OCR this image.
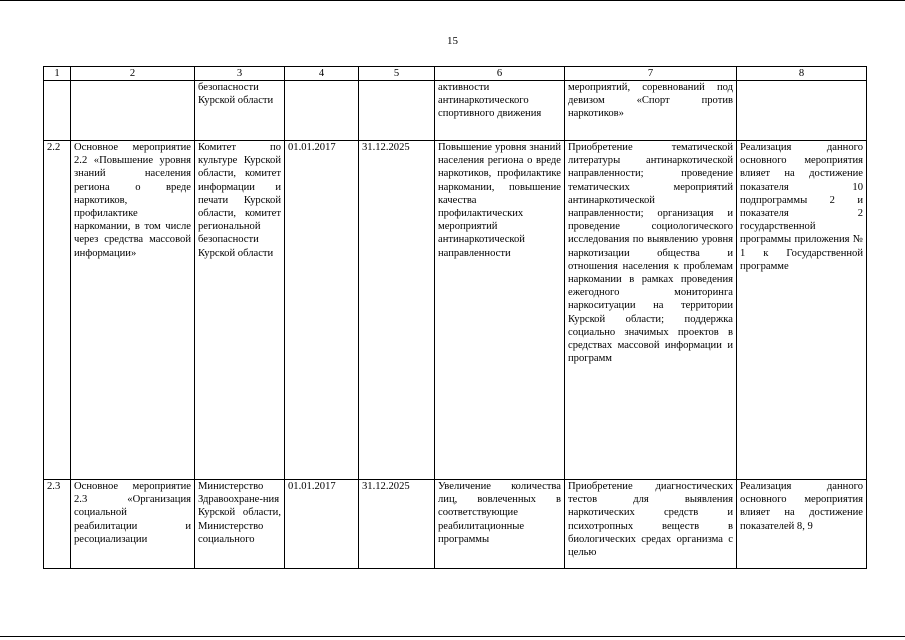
15
1	2	3	4	5	6	7	8
		безопасности Курской области			активности антинаркотического спортивного движения	мероприятий, соревнований под девизом «Спорт против наркотиков»	
2.2	Основное мероприятие 2.2 «Повышение уровня знаний населения региона о вреде наркотиков, профилактике наркомании, в том числе через средства массовой информации»	Комитет по культуре Курской области, комитет информации и печати Курской области, комитет региональной безопасности Курской области	01.01.2017	31.12.2025	Повышение уровня знаний населения региона о вреде наркотиков, профилактике наркомании, повышение качества профилактических мероприятий антинаркотической направленности	Приобретение тематической литературы антинаркотической направленности; проведение тематических мероприятий антинаркотической направленности; организация и проведение социологического исследования по выявлению уровня наркотизации общества и отношения населения к проблемам наркомании в рамках проведения ежегодного мониторинга наркоситуации на территории Курской области; поддержка социально значимых проектов в средствах массовой информации и программ	Реализация данного основного мероприятия влияет на достижение показателя 10 подпрограммы 2 и показателя 2 государственной программы приложения № 1 к Государственной программе
2.3	Основное мероприятие 2.3 «Организация социальной реабилитации и ресоциализации	Министерство Здравоохране-ния Курской области, Министерство социального	01.01.2017	31.12.2025	Увеличение количества лиц, вовлеченных в соответствующие реабилитационные программы	Приобретение диагностических тестов для выявления наркотических средств и психотропных веществ в биологических средах организма с целью	Реализация данного основного мероприятия влияет на достижение показателей 8, 9
